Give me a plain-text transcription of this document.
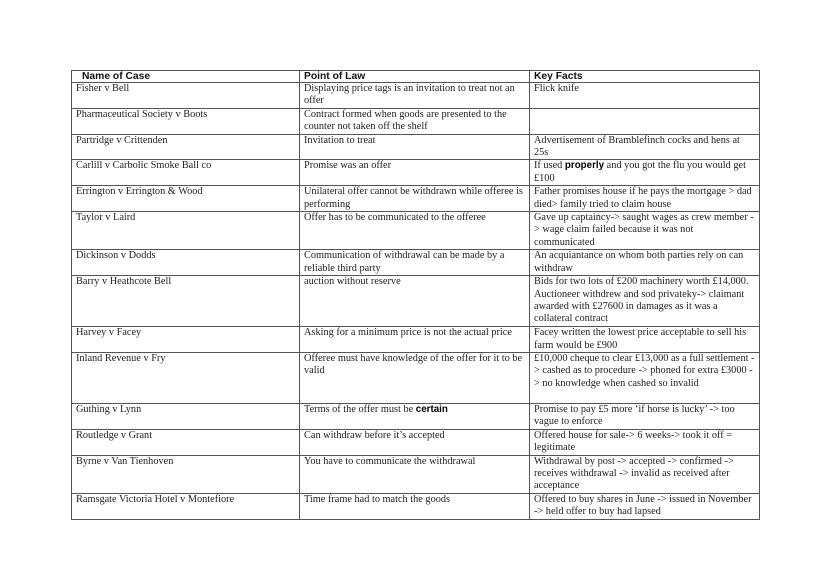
Name of Case	Point of Law	Key Facts
Fisher v Bell	Displaying price tags is an invitation to treat not an offer	Flick knife
Pharmaceutical Society v Boots	Contract formed when goods are presented to the counter not taken off the shelf	
Partridge v Crittenden	Invitation to treat	Advertisement of Bramblefinch cocks and hens at 25s
Carlill v Carbolic Smoke Ball co	Promise was an offer	If used properly and you got the flu you would get £100
Errington v Errington & Wood	Unilateral offer cannot be withdrawn while offeree is performing	Father promises house if he pays the mortgage > dad died> family tried to claim house
Taylor v Laird	Offer has to be communicated to the offeree	Gave up captaincy-> saught wages as crew member -> wage claim failed because it was not communicated
Dickinson v Dodds	Communication of withdrawal can be made by a reliable third party	An acquiantance on whom both parties rely on can withdraw
Barry v Heathcote Bell	auction without reserve	Bids for two lots of £200 machinery worth £14,000. Auctioneer withdrew and sod privateky-> claimant awarded with £27600 in damages as it was a collateral contract
Harvey v Facey	Asking for a minimum price is not the actual price	Facey written the lowest price acceptable to sell his farm would be £900
Inland Revenue v Fry	Offeree must have knowledge of the offer for it to be valid	£10,000 cheque to clear £13,000 as a full settlement -> cashed as to procedure -> phoned for extra £3000 -> no knowledge when cashed so invalid
Guthing v Lynn	Terms of the offer must be certain	Promise to pay £5 more ‘if horse is lucky’ -> too vague to enforce
Routledge v Grant	Can withdraw before it’s accepted	Offered house for sale-> 6 weeks-> took it off = legitimate
Byrne v Van Tienhoven	You have to communicate the withdrawal	Withdrawal by post -> accepted -> confirmed -> receives withdrawal -> invalid as received after acceptance
Ramsgate Victoria Hotel v Montefiore	Time frame had to match the goods	Offered to buy shares in June -> issued in November -> held offer to buy had lapsed
